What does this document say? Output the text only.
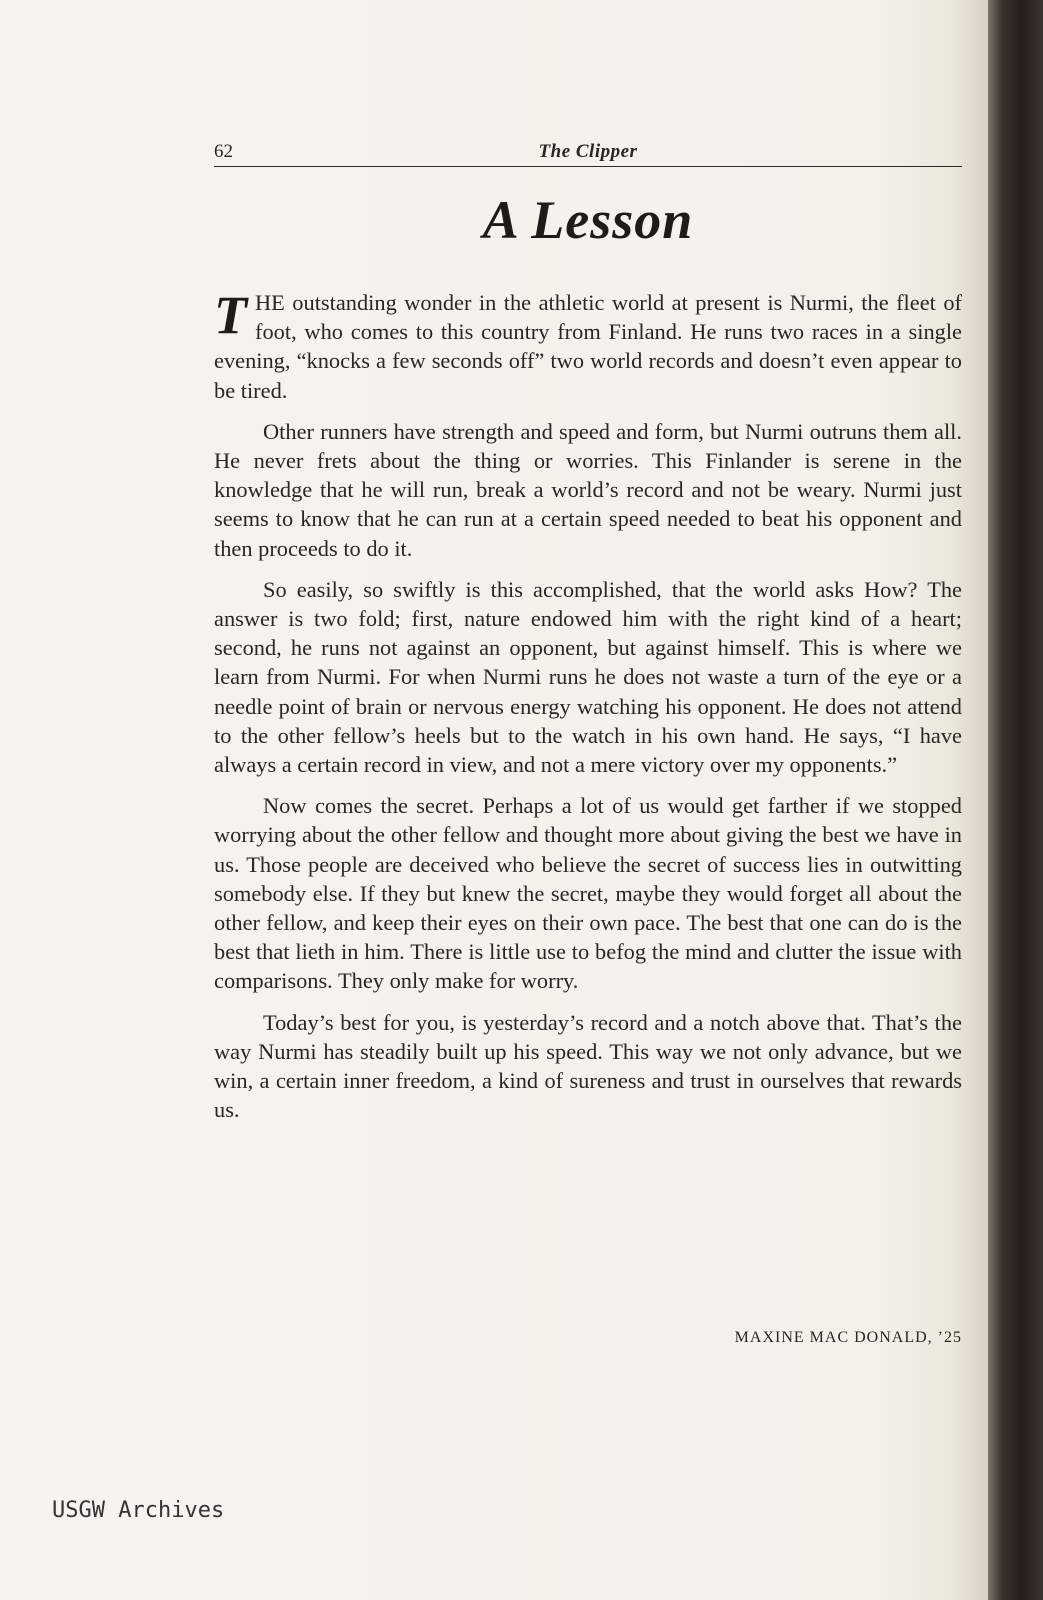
62	The Clipper
A Lesson

THE outstanding wonder in the athletic world at present is Nurmi, the fleet of foot, who comes to this country from Finland. He runs two races in a single evening, “knocks a few seconds off” two world records and doesn’t even appear to be tired.

Other runners have strength and speed and form, but Nurmi outruns them all. He never frets about the thing or worries. This Finlander is serene in the knowledge that he will run, break a world’s record and not be weary. Nurmi just seems to know that he can run at a certain speed needed to beat his opponent and then proceeds to do it.

So easily, so swiftly is this accomplished, that the world asks How? The answer is two fold; first, nature endowed him with the right kind of a heart; second, he runs not against an opponent, but against himself. This is where we learn from Nurmi. For when Nurmi runs he does not waste a turn of the eye or a needle point of brain or nervous energy watching his opponent. He does not attend to the other fellow’s heels but to the watch in his own hand. He says, “I have always a certain record in view, and not a mere victory over my opponents.”

Now comes the secret. Perhaps a lot of us would get farther if we stopped worrying about the other fellow and thought more about giving the best we have in us. Those people are deceived who believe the secret of success lies in outwitting somebody else. If they but knew the secret, maybe they would forget all about the other fellow, and keep their eyes on their own pace. The best that one can do is the best that lieth in him. There is little use to befog the mind and clutter the issue with comparisons. They only make for worry.

Today’s best for you, is yesterday’s record and a notch above that. That’s the way Nurmi has steadily built up his speed. This way we not only advance, but we win, a certain inner freedom, a kind of sureness and trust in ourselves that rewards us.

MAXINE MAC DONALD, ’25
USGW Archives
